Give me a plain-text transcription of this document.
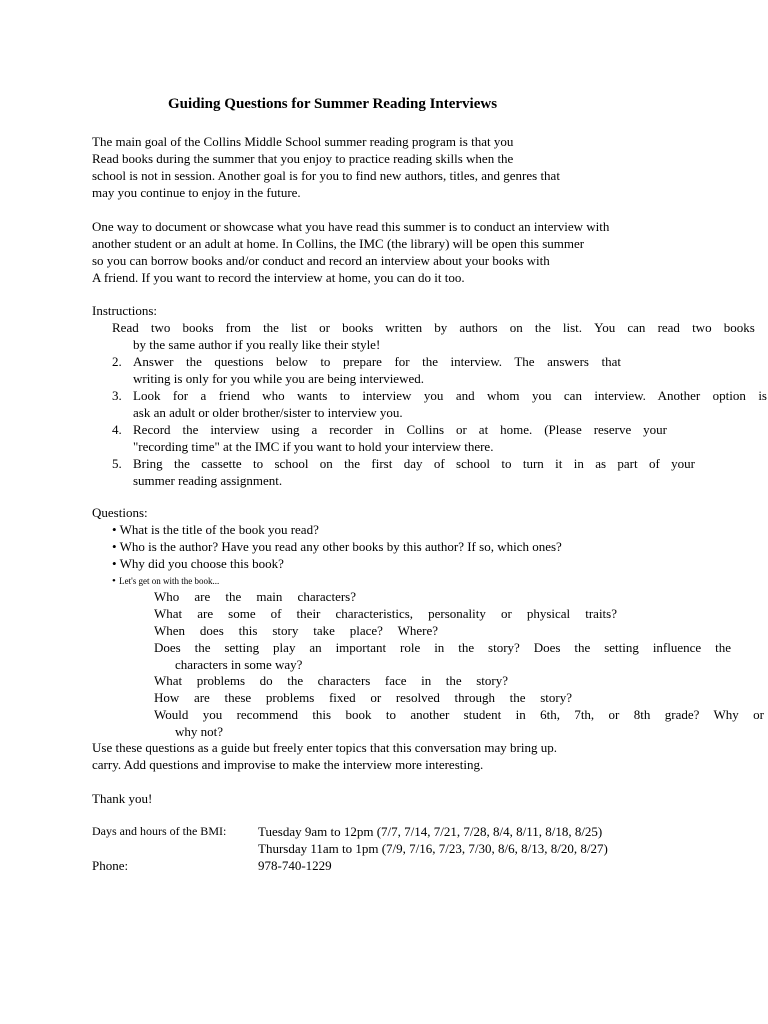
Guiding Questions for Summer Reading Interviews
The main goal of the Collins Middle School summer reading program is that you
Read books during the summer that you enjoy to practice reading skills when the
school is not in session. Another goal is for you to find new authors, titles, and genres that
may you continue to enjoy in the future.
One way to document or showcase what you have read this summer is to conduct an interview with
another student or an adult at home. In Collins, the IMC (the library) will be open this summer
so you can borrow books and/or conduct and record an interview about your books with
A friend. If you want to record the interview at home, you can do it too.
Instructions:
Read two books from the list or books written by authors on the list. You can read two books
by the same author if you really like their style!
2. Answer the questions below to prepare for the interview. The answers that
writing is only for you while you are being interviewed.
3. Look for a friend who wants to interview you and whom you can interview. Another option is
ask an adult or older brother/sister to interview you.
4. Record the interview using a recorder in Collins or at home. (Please reserve your
"recording time" at the IMC if you want to hold your interview there.
5. Bring the cassette to school on the first day of school to turn it in as part of your
summer reading assignment.
Questions:
• What is the title of the book you read?
• Who is the author? Have you read any other books by this author? If so, which ones?
• Why did you choose this book?
• Let's get on with the book...
Who are the main characters?
What are some of their characteristics, personality or physical traits?
When does this story take place? Where?
Does the setting play an important role in the story? Does the setting influence the
characters in some way?
What problems do the characters face in the story?
How are these problems fixed or resolved through the story?
Would you recommend this book to another student in 6th, 7th, or 8th grade? Why or
why not?
Use these questions as a guide but freely enter topics that this conversation may bring up.
carry. Add questions and improvise to make the interview more interesting.
Thank you!
Days and hours of the BMI: Tuesday 9am to 12pm (7/7, 7/14, 7/21, 7/28, 8/4, 8/11, 8/18, 8/25)
Thursday 11am to 1pm (7/9, 7/16, 7/23, 7/30, 8/6, 8/13, 8/20, 8/27)
Phone:	978-740-1229
